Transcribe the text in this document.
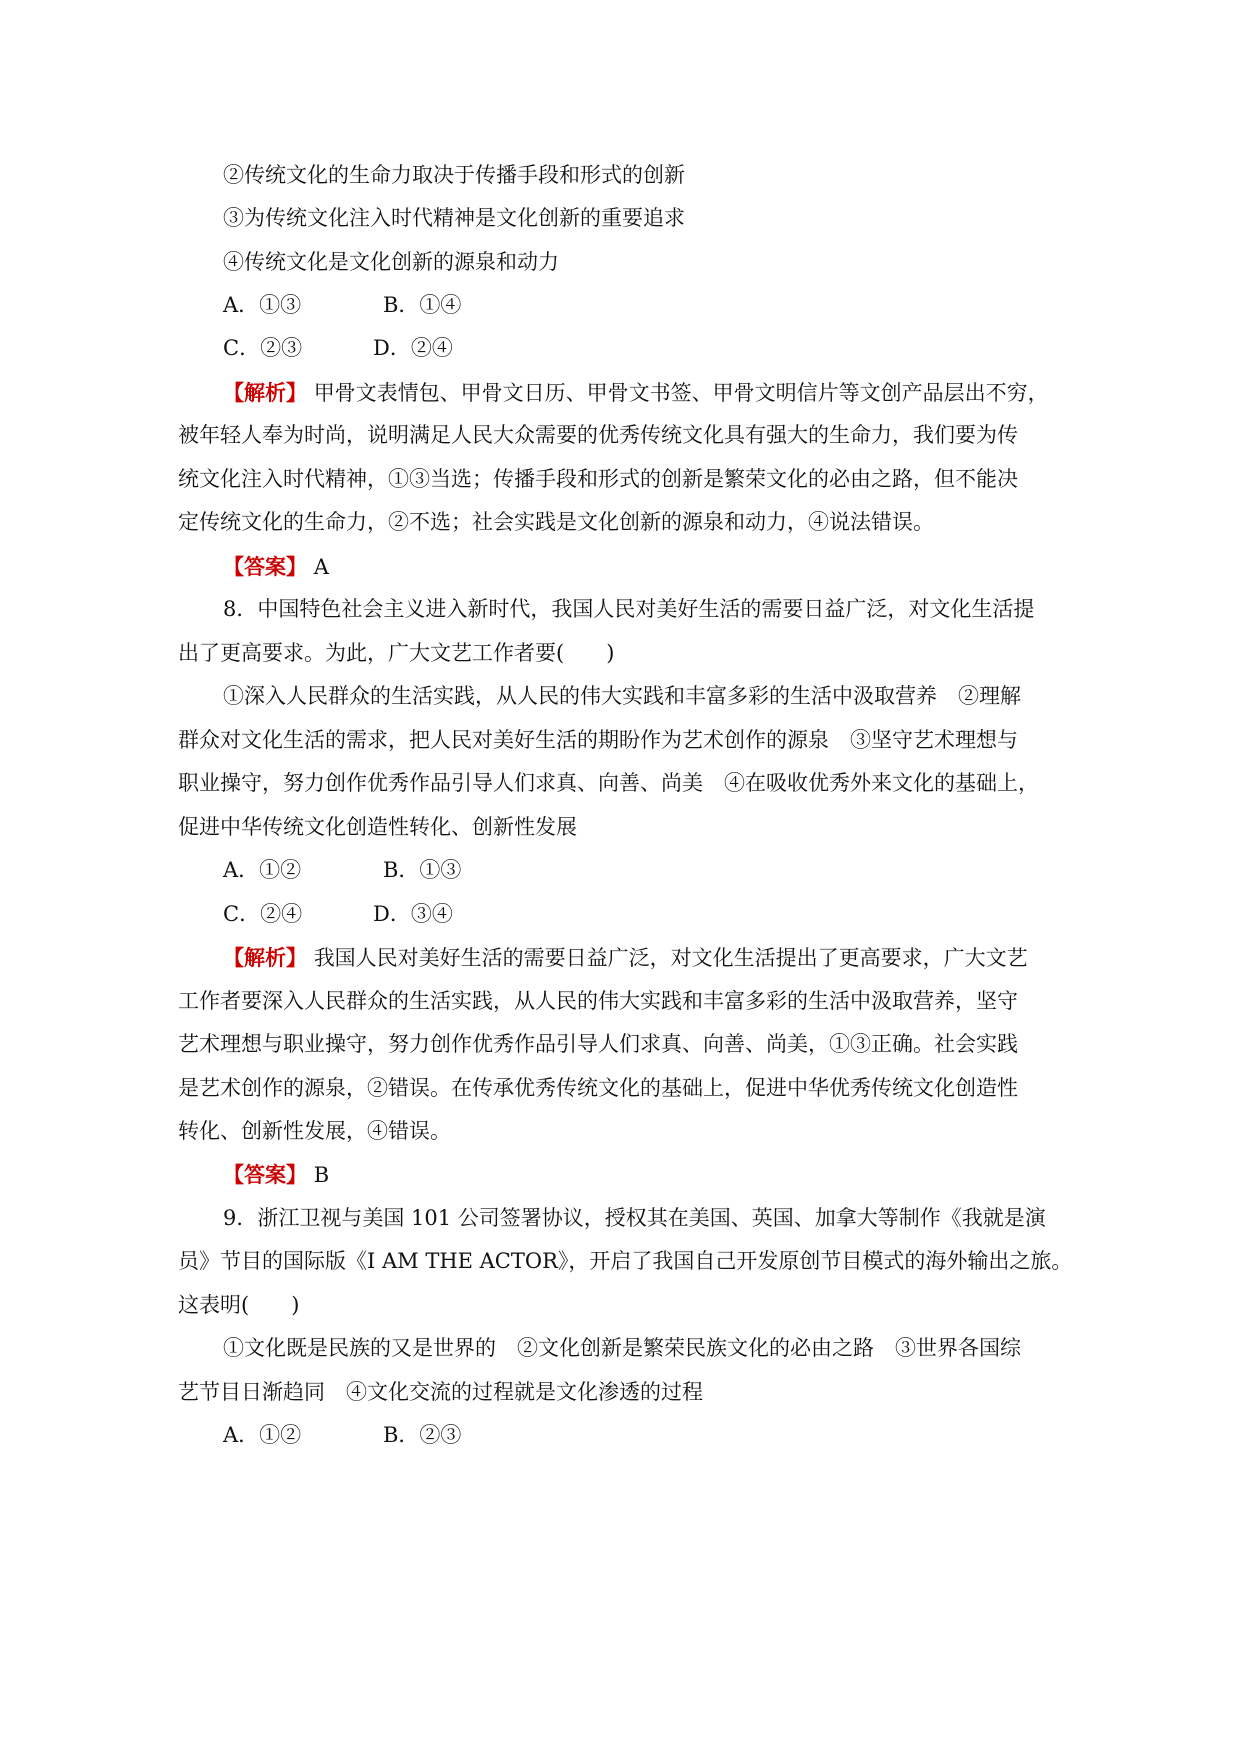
②传统文化的生命力取决于传播手段和形式的创新
③为传统文化注入时代精神是文化创新的重要追求
④传统文化是文化创新的源泉和动力
A．①③	B．①④
C．②③	D．②④
【解析】 甲骨文表情包、甲骨文日历、甲骨文书签、甲骨文明信片等文创产品层出不穷，
被年轻人奉为时尚，说明满足人民大众需要的优秀传统文化具有强大的生命力，我们要为传
统文化注入时代精神，①③当选；传播手段和形式的创新是繁荣文化的必由之路，但不能决
定传统文化的生命力，②不选；社会实践是文化创新的源泉和动力，④说法错误。
【答案】 A
8．中国特色社会主义进入新时代，我国人民对美好生活的需要日益广泛，对文化生活提
出了更高要求。为此，广大文艺工作者要(　　)
①深入人民群众的生活实践，从人民的伟大实践和丰富多彩的生活中汲取营养　②理解
群众对文化生活的需求，把人民对美好生活的期盼作为艺术创作的源泉　③坚守艺术理想与
职业操守，努力创作优秀作品引导人们求真、向善、尚美　④在吸收优秀外来文化的基础上，
促进中华传统文化创造性转化、创新性发展
A．①②	B．①③
C．②④	D．③④
【解析】 我国人民对美好生活的需要日益广泛，对文化生活提出了更高要求，广大文艺
工作者要深入人民群众的生活实践，从人民的伟大实践和丰富多彩的生活中汲取营养，坚守
艺术理想与职业操守，努力创作优秀作品引导人们求真、向善、尚美，①③正确。社会实践
是艺术创作的源泉，②错误。在传承优秀传统文化的基础上，促进中华优秀传统文化创造性
转化、创新性发展，④错误。
【答案】 B
9．浙江卫视与美国 101 公司签署协议，授权其在美国、英国、加拿大等制作《我就是演
员》节目的国际版《I AM THE ACTOR》，开启了我国自己开发原创节目模式的海外输出之旅。
这表明(　　)
①文化既是民族的又是世界的　②文化创新是繁荣民族文化的必由之路　③世界各国综
艺节目日渐趋同　④文化交流的过程就是文化渗透的过程
A．①②	B．②③
